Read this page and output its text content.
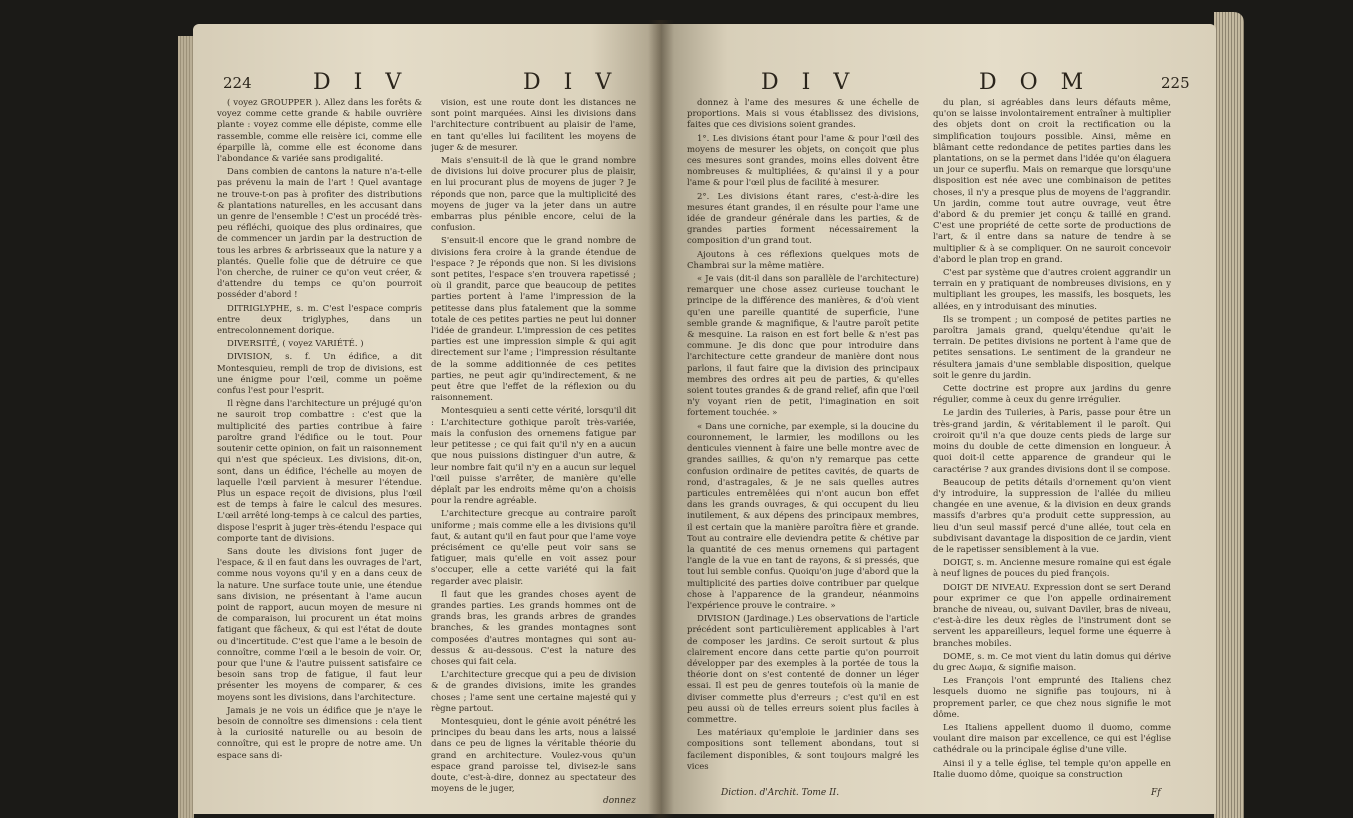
224	D I V	D I V

( voyez GROUPPER ). Allez dans les forêts & voyez comme cette grande & habile ouvrière plante : voyez comme elle dépiste, comme elle rassemble, comme elle reisère ici, comme elle éparpille là, comme elle est économe dans l'abondance & variée sans prodigalité.

Dans combien de cantons la nature n'a-t-elle pas prévenu la main de l'art ! Quel avantage ne trouve-t-on pas à profiter des distributions & plantations naturelles, en les accusant dans un genre de l'ensemble ! C'est un procédé très-peu réfléchi, quoique des plus ordinaires, que de commencer un jardin par la destruction de tous les arbres & arbrisseaux que la nature y a plantés. Quelle folie que de détruire ce que l'on cherche, de ruiner ce qu'on veut créer, & d'attendre du temps ce qu'on pourroit posséder d'abord !

DITRIGLYPHE, s. m. C'est l'espace compris entre deux triglyphes, dans un entrecolonnement dorique.

DIVERSITÉ, ( voyez VARIÉTÉ. )

DIVISION, s. f. Un édifice, a dit Montesquieu, rempli de trop de divisions, est une énigme pour l'œil, comme un poëme confus l'est pour l'esprit.

Il règne dans l'architecture un préjugé qu'on ne sauroit trop combattre : c'est que la multiplicité des parties contribue à faire paroître grand l'édifice ou le tout. Pour soutenir cette opinion, on fait un raisonnement qui n'est que spécieux. Les divisions, dit-on, sont, dans un édifice, l'échelle au moyen de laquelle l'œil parvient à mesurer l'étendue. Plus un espace reçoit de divisions, plus l'œil est de temps à faire le calcul des mesures. L'œil arrêté long-temps à ce calcul des parties, dispose l'esprit à juger très-étendu l'espace qui comporte tant de divisions.

Sans doute les divisions font juger de l'espace, & il en faut dans les ouvrages de l'art, comme nous voyons qu'il y en a dans ceux de la nature. Une surface toute unie, une étendue sans division, ne présentant à l'ame aucun point de rapport, aucun moyen de mesure ni de comparaison, lui procurent un état moins fatigant que fâcheux, & qui est l'état de doute ou d'incertitude. C'est que l'ame a le besoin de connoître, comme l'œil a le besoin de voir. Or, pour que l'une & l'autre puissent satisfaire ce besoin sans trop de fatigue, il faut leur présenter les moyens de comparer, & ces moyens sont les divisions, dans l'architecture.

Jamais je ne vois un édifice que je n'aye le besoin de connoître ses dimensions : cela tient à la curiosité naturelle ou au besoin de connoître, qui est le propre de notre ame. Un espace sans di-

vision, est une route dont les distances ne sont point marquées. Ainsi les divisions dans l'architecture contribuent au plaisir de l'ame, en tant qu'elles lui facilitent les moyens de juger & de mesurer.

Mais s'ensuit-il de là que le grand nombre de divisions lui doive procurer plus de plaisir, en lui procurant plus de moyens de juger ? Je réponds que non, parce que la multiplicité des moyens de juger va la jeter dans un autre embarras plus pénible encore, celui de la confusion.

S'ensuit-il encore que le grand nombre de divisions fera croire à la grande étendue de l'espace ? Je réponds que non. Si les divisions sont petites, l'espace s'en trouvera rapetissé ; où il grandit, parce que beaucoup de petites parties portent à l'ame l'impression de la petitesse dans plus fatalement que la somme totale de ces petites parties ne peut lui donner l'idée de grandeur. L'impression de ces petites parties est une impression simple & qui agit directement sur l'ame ; l'impression résultante de la somme additionnée de ces petites parties, ne peut agir qu'indirectement, & ne peut être que l'effet de la réflexion ou du raisonnement.

Montesquieu a senti cette vérité, lorsqu'il dit : L'architecture gothique paroît très-variée, mais la confusion des ornemens fatigue par leur petitesse ; ce qui fait qu'il n'y en a aucun que nous puissions distinguer d'un autre, & leur nombre fait qu'il n'y en a aucun sur lequel l'œil puisse s'arrêter, de manière qu'elle déplaît par les endroits même qu'on a choisis pour la rendre agréable.

L'architecture grecque au contraire paroît uniforme ; mais comme elle a les divisions qu'il faut, & autant qu'il en faut pour que l'ame voye précisément ce qu'elle peut voir sans se fatiguer, mais qu'elle en voit assez pour s'occuper, elle a cette variété qui la fait regarder avec plaisir.

Il faut que les grandes choses ayent de grandes parties. Les grands hommes ont de grands bras, les grands arbres de grandes branches, & les grandes montagnes sont composées d'autres montagnes qui sont au-dessus & au-dessous. C'est la nature des choses qui fait cela.

L'architecture grecque qui a peu de division & de grandes divisions, imite les grandes choses ; l'ame sent une certaine majesté qui y règne partout.

Montesquieu, dont le génie avoit pénétré les principes du beau dans les arts, nous a laissé dans ce peu de lignes la véritable théorie du grand en architecture. Voulez-vous qu'un espace grand paroisse tel, divisez-le sans doute, c'est-à-dire, donnez au spectateur des moyens de le juger,

donnez
D I V	D O M	225

donnez à l'ame des mesures & une échelle de proportions. Mais si vous établissez des divisions, faites que ces divisions soient grandes.

1°. Les divisions étant pour l'ame & pour l'œil des moyens de mesurer les objets, on conçoit que plus ces mesures sont grandes, moins elles doivent être nombreuses & multipliées, & qu'ainsi il y a pour l'ame & pour l'œil plus de facilité à mesurer.

2°. Les divisions étant rares, c'est-à-dire les mesures étant grandes, il en résulte pour l'ame une idée de grandeur générale dans les parties, & de grandes parties forment nécessairement la composition d'un grand tout.

Ajoutons à ces réflexions quelques mots de Chambrai sur la même matière.

« Je vais (dit-il dans son parallèle de l'architecture) remarquer une chose assez curieuse touchant le principe de la différence des manières, & d'où vient qu'en une pareille quantité de superficie, l'une semble grande & magnifique, & l'autre paroît petite & mesquine. La raison en est fort belle & n'est pas commune. Je dis donc que pour introduire dans l'architecture cette grandeur de manière dont nous parlons, il faut faire que la division des principaux membres des ordres ait peu de parties, & qu'elles soient toutes grandes & de grand relief, afin que l'œil n'y voyant rien de petit, l'imagination en soit fortement touchée. »

« Dans une corniche, par exemple, si la doucine du couronnement, le larmier, les modillons ou les denticules viennent à faire une belle montre avec de grandes saillies, & qu'on n'y remarque pas cette confusion ordinaire de petites cavités, de quarts de rond, d'astragales, & je ne sais quelles autres particules entremêlées qui n'ont aucun bon effet dans les grands ouvrages, & qui occupent du lieu inutilement, & aux dépens des principaux membres, il est certain que la manière paroîtra fière et grande. Tout au contraire elle deviendra petite & chétive par la quantité de ces menus ornemens qui partagent l'angle de la vue en tant de rayons, & si pressés, que tout lui semble confus. Quoiqu'on juge d'abord que la multiplicité des parties doive contribuer par quelque chose à l'apparence de la grandeur, néanmoins l'expérience prouve le contraire. »

DIVISION (Jardinage.) Les observations de l'article précédent sont particulièrement applicables à l'art de composer les jardins. Ce seroit surtout & plus clairement encore dans cette partie qu'on pourroit développer par des exemples à la portée de tous la théorie dont on s'est contenté de donner un léger essai. Il est peu de genres toutefois où la manie de diviser commette plus d'erreurs ; c'est qu'il en est peu aussi où de telles erreurs soient plus faciles à commettre.

Les matériaux qu'emploie le jardinier dans ses compositions sont tellement abondans, tout si facilement disponibles, & sont toujours malgré les vices

du plan, si agréables dans leurs défauts même, qu'on se laisse involontairement entraîner à multiplier des objets dont on croit la rectification ou la simplification toujours possible. Ainsi, même en blâmant cette redondance de petites parties dans les plantations, on se la permet dans l'idée qu'on élaguera un jour ce superflu. Mais on remarque que lorsqu'une disposition est née avec une combinaison de petites choses, il n'y a presque plus de moyens de l'aggrandir. Un jardin, comme tout autre ouvrage, veut être d'abord & du premier jet conçu & taillé en grand. C'est une propriété de cette sorte de productions de l'art, & il entre dans sa nature de tendre à se multiplier & à se compliquer. On ne sauroit concevoir d'abord le plan trop en grand.

C'est par système que d'autres croient aggrandir un terrain en y pratiquant de nombreuses divisions, en y multipliant les groupes, les massifs, les bosquets, les allées, en y introduisant des minuties.

Ils se trompent ; un composé de petites parties ne paroîtra jamais grand, quelqu'étendue qu'ait le terrain. De petites divisions ne portent à l'ame que de petites sensations. Le sentiment de la grandeur ne résultera jamais d'une semblable disposition, quelque soit le genre du jardin.

Cette doctrine est propre aux jardins du genre régulier, comme à ceux du genre irrégulier.

Le jardin des Tuileries, à Paris, passe pour être un très-grand jardin, & véritablement il le paroît. Qui croiroit qu'il n'a que douze cents pieds de large sur moins du double de cette dimension en longueur. À quoi doit-il cette apparence de grandeur qui le caractérise ? aux grandes divisions dont il se compose.

Beaucoup de petits détails d'ornement qu'on vient d'y introduire, la suppression de l'allée du milieu changée en une avenue, & la division en deux grands massifs d'arbres qu'a produit cette suppression, au lieu d'un seul massif percé d'une allée, tout cela en subdivisant davantage la disposition de ce jardin, vient de le rapetisser sensiblement à la vue.

DOIGT, s. m. Ancienne mesure romaine qui est égale à neuf lignes de pouces du pied françois.

DOIGT DE NIVEAU. Expression dont se sert Derand pour exprimer ce que l'on appelle ordinairement branche de niveau, ou, suivant Daviler, bras de niveau, c'est-à-dire les deux règles de l'instrument dont se servent les appareilleurs, lequel forme une équerre à branches mobiles.

DOME, s. m. Ce mot vient du latin domus qui dérive du grec Δωμα, & signifie maison.

Les François l'ont emprunté des Italiens chez lesquels duomo ne signifie pas toujours, ni à proprement parler, ce que chez nous signifie le mot dôme.

Les Italiens appellent duomo il duomo, comme voulant dire maison par excellence, ce qui est l'église cathédrale ou la principale église d'une ville.

Ainsi il y a telle église, tel temple qu'on appelle en Italie duomo dôme, quoique sa construction

Diction. d'Archit. Tome II.	Ff
